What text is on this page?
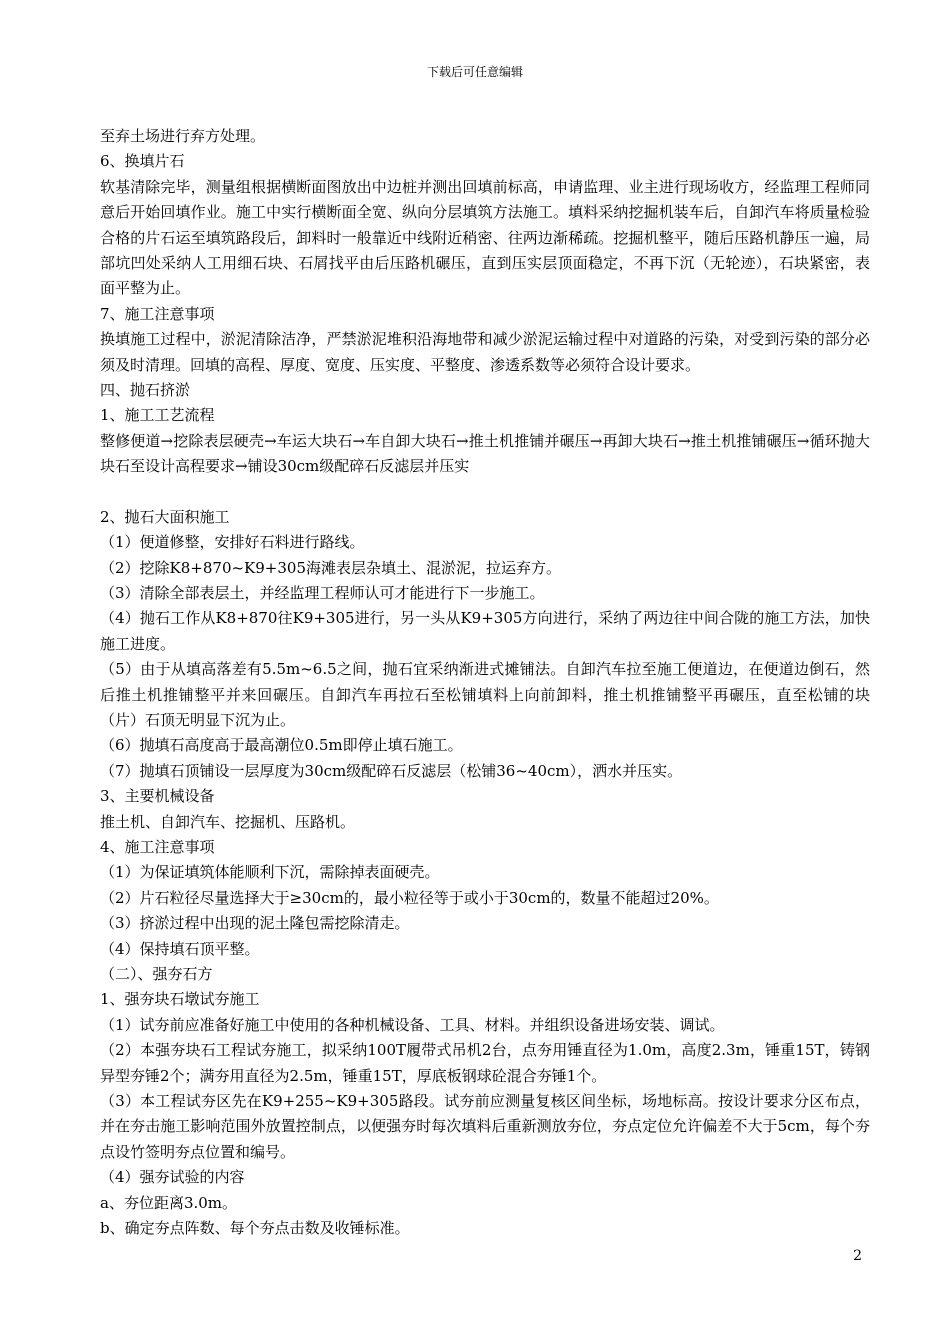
下载后可任意编辑

至弃土场进行弃方处理。

6、换填片石

软基清除完毕，测量组根据横断面图放出中边桩并测出回填前标高，申请监理、业主进行现场收方，经监理工程师同意后开始回填作业。施工中实行横断面全宽、纵向分层填筑方法施工。填料采纳挖掘机装车后，自卸汽车将质量检验合格的片石运至填筑路段后，卸料时一般靠近中线附近稍密、往两边渐稀疏。挖掘机整平，随后压路机静压一遍，局部坑凹处采纳人工用细石块、石屑找平由后压路机碾压，直到压实层顶面稳定，不再下沉（无轮迹），石块紧密，表面平整为止。

7、施工注意事项

换填施工过程中，淤泥清除洁净，严禁淤泥堆积沿海地带和减少淤泥运输过程中对道路的污染，对受到污染的部分必须及时清理。回填的高程、厚度、宽度、压实度、平整度、渗透系数等必须符合设计要求。

四、抛石挤淤

1、施工工艺流程

整修便道→挖除表层硬壳→车运大块石→车自卸大块石→推土机推铺并碾压→再卸大块石→推土机推铺碾压→循环抛大块石至设计高程要求→铺设30cm级配碎石反滤层并压实

2、抛石大面积施工

（1）便道修整，安排好石料进行路线。

（2）挖除K8+870~K9+305海滩表层杂填土、混淤泥，拉运弃方。

（3）清除全部表层土，并经监理工程师认可才能进行下一步施工。

（4）抛石工作从K8+870往K9+305进行，另一头从K9+305方向进行，采纳了两边往中间合陇的施工方法，加快施工进度。

（5）由于从填高落差有5.5m~6.5之间，抛石宜采纳渐进式摊铺法。自卸汽车拉至施工便道边，在便道边倒石，然后推土机推铺整平并来回碾压。自卸汽车再拉石至松铺填料上向前卸料，推土机推铺整平再碾压，直至松铺的块（片）石顶无明显下沉为止。

（6）抛填石高度高于最高潮位0.5m即停止填石施工。

（7）抛填石顶铺设一层厚度为30cm级配碎石反滤层（松铺36~40cm），洒水并压实。

3、主要机械设备

推土机、自卸汽车、挖掘机、压路机。

4、施工注意事项

（1）为保证填筑体能顺利下沉，需除掉表面硬壳。

（2）片石粒径尽量选择大于≥30cm的，最小粒径等于或小于30cm的，数量不能超过20%。

（3）挤淤过程中出现的泥土隆包需挖除清走。

（4）保持填石顶平整。

（二）、强夯石方

1、强夯块石墩试夯施工

（1）试夯前应准备好施工中使用的各种机械设备、工具、材料。并组织设备进场安装、调试。

（2）本强夯块石工程试夯施工，拟采纳100T履带式吊机2台，点夯用锤直径为1.0m，高度2.3m，锤重15T，铸钢异型夯锤2个；满夯用直径为2.5m，锤重15T，厚底板钢球砼混合夯锤1个。

（3）本工程试夯区先在K9+255~K9+305路段。试夯前应测量复核区间坐标，场地标高。按设计要求分区布点，并在夯击施工影响范围外放置控制点，以便强夯时每次填料后重新测放夯位，夯点定位允许偏差不大于5cm，每个夯点设竹签明夯点位置和编号。

（4）强夯试验的内容

a、夯位距离3.0m。

b、确定夯点阵数、每个夯点击数及收锤标准。

2
